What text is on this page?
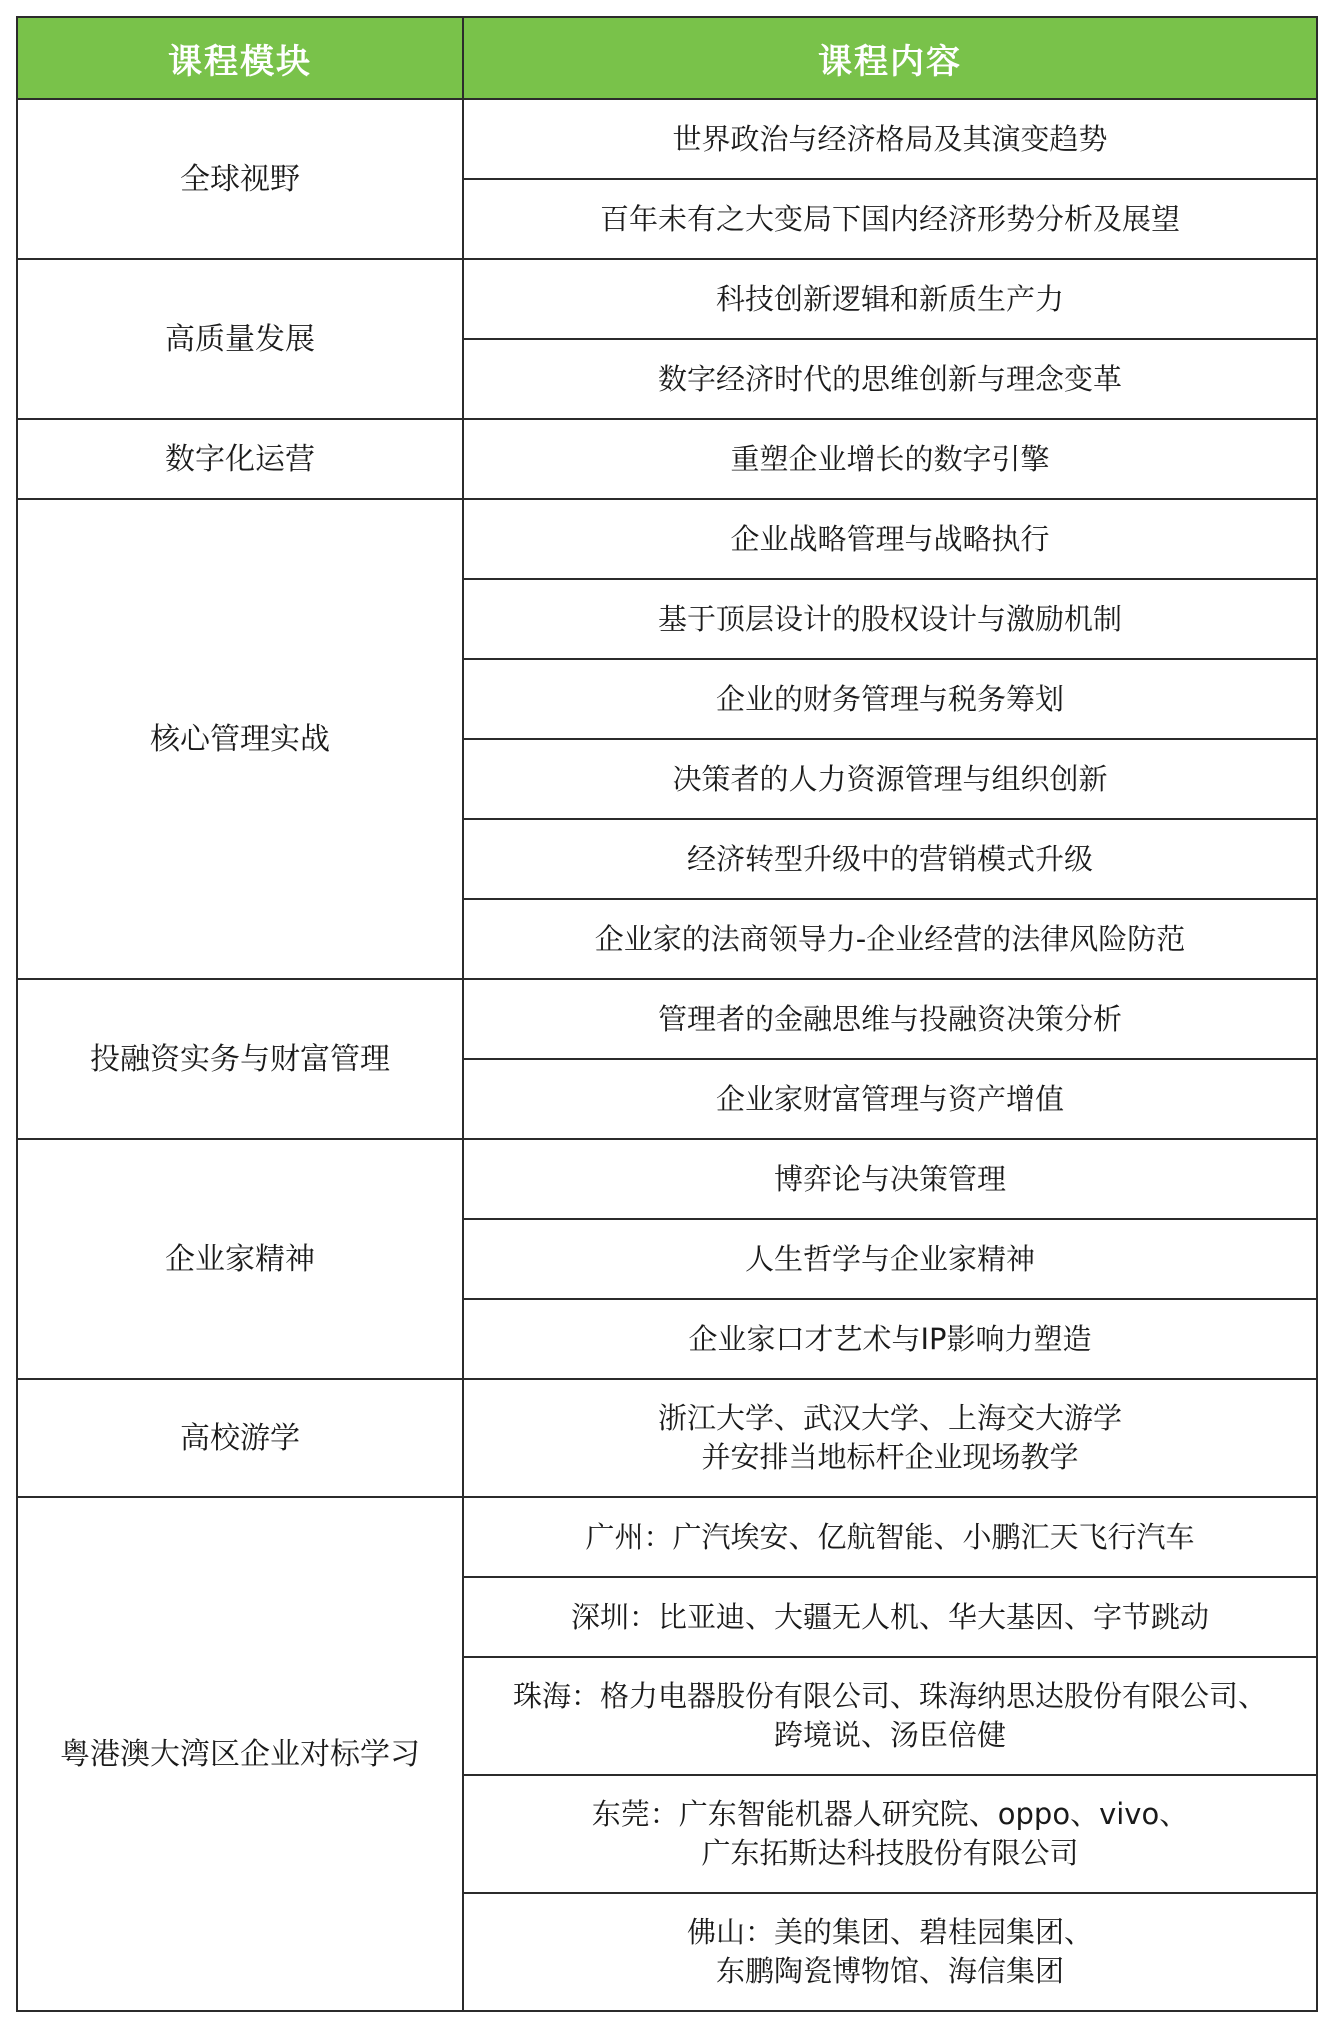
课程模块	课程内容
全球视野	世界政治与经济格局及其演变趋势

	百年未有之大变局下国内经济形势分析及展望

高质量发展	科技创新逻辑和新质生产力

	数字经济时代的思维创新与理念变革

数字化运营	重塑企业增长的数字引擎

核心管理实战	企业战略管理与战略执行

	基于顶层设计的股权设计与激励机制

	企业的财务管理与税务筹划

	决策者的人力资源管理与组织创新

	经济转型升级中的营销模式升级

	企业家的法商领导力-企业经营的法律风险防范

投融资实务与财富管理	管理者的金融思维与投融资决策分析

	企业家财富管理与资产增值

企业家精神	博弈论与决策管理

	人生哲学与企业家精神

	企业家口才艺术与IP影响力塑造

高校游学	浙江大学、武汉大学、上海交大游学
并安排当地标杆企业现场教学

粤港澳大湾区企业对标学习	广州：广汽埃安、亿航智能、小鹏汇天飞行汽车

	深圳：比亚迪、大疆无人机、华大基因、字节跳动

	珠海：格力电器股份有限公司、珠海纳思达股份有限公司、
跨境说、汤臣倍健

	东莞：广东智能机器人研究院、oppo、vivo、
广东拓斯达科技股份有限公司

	佛山：美的集团、碧桂园集团、
东鹏陶瓷博物馆、海信集团
